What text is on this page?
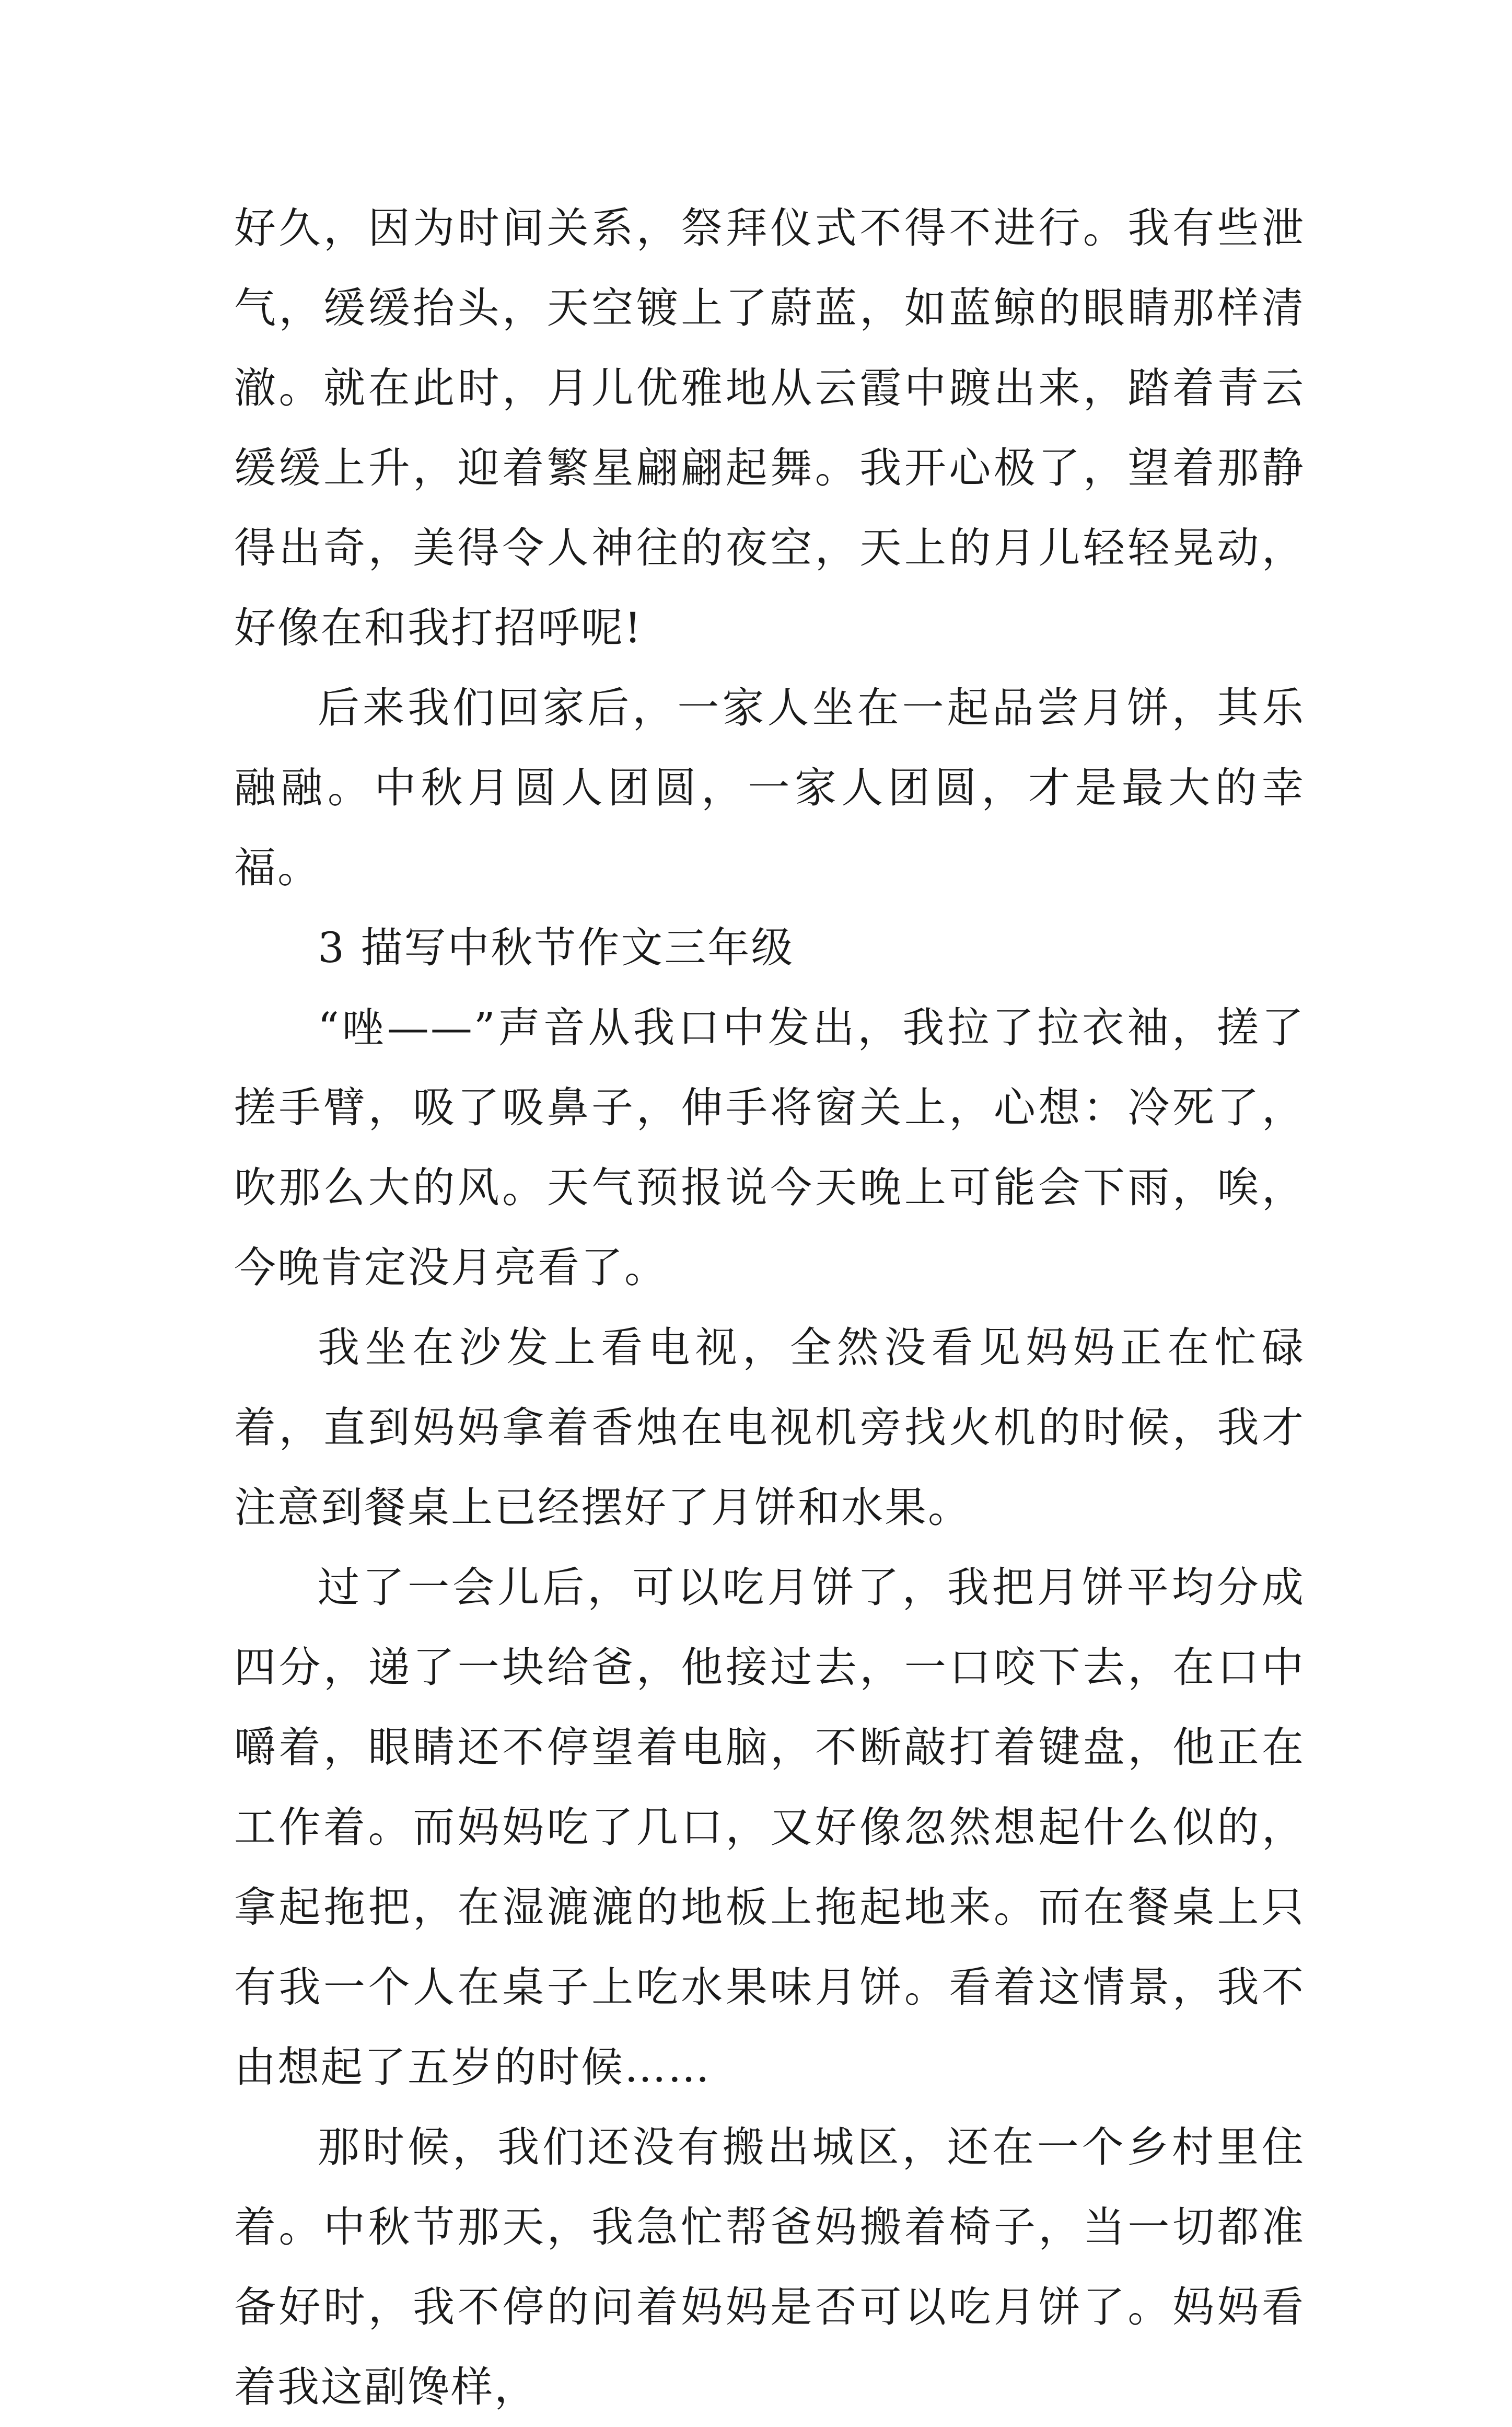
好久，因为时间关系，祭拜仪式不得不进行。我有些泄气，缓缓抬头，天空镀上了蔚蓝，如蓝鲸的眼睛那样清澈。就在此时，月儿优雅地从云霞中踱出来，踏着青云缓缓上升，迎着繁星翩翩起舞。我开心极了，望着那静得出奇，美得令人神往的夜空，天上的月儿轻轻晃动，好像在和我打招呼呢!

后来我们回家后，一家人坐在一起品尝月饼，其乐融融。中秋月圆人团圆，一家人团圆，才是最大的幸福。

3 描写中秋节作文三年级

“唑——”声音从我口中发出，我拉了拉衣袖，搓了搓手臂，吸了吸鼻子，伸手将窗关上，心想：冷死了，吹那么大的风。天气预报说今天晚上可能会下雨，唉，今晚肯定没月亮看了。

我坐在沙发上看电视，全然没看见妈妈正在忙碌着，直到妈妈拿着香烛在电视机旁找火机的时候，我才注意到餐桌上已经摆好了月饼和水果。

过了一会儿后，可以吃月饼了，我把月饼平均分成四分，递了一块给爸，他接过去，一口咬下去，在口中嚼着，眼睛还不停望着电脑，不断敲打着键盘，他正在工作着。而妈妈吃了几口，又好像忽然想起什么似的，拿起拖把，在湿漉漉的地板上拖起地来。而在餐桌上只有我一个人在桌子上吃水果味月饼。看着这情景，我不由想起了五岁的时候……

那时候，我们还没有搬出城区，还在一个乡村里住着。中秋节那天，我急忙帮爸妈搬着椅子，当一切都准备好时，我不停的问着妈妈是否可以吃月饼了。妈妈看着我这副馋样，
